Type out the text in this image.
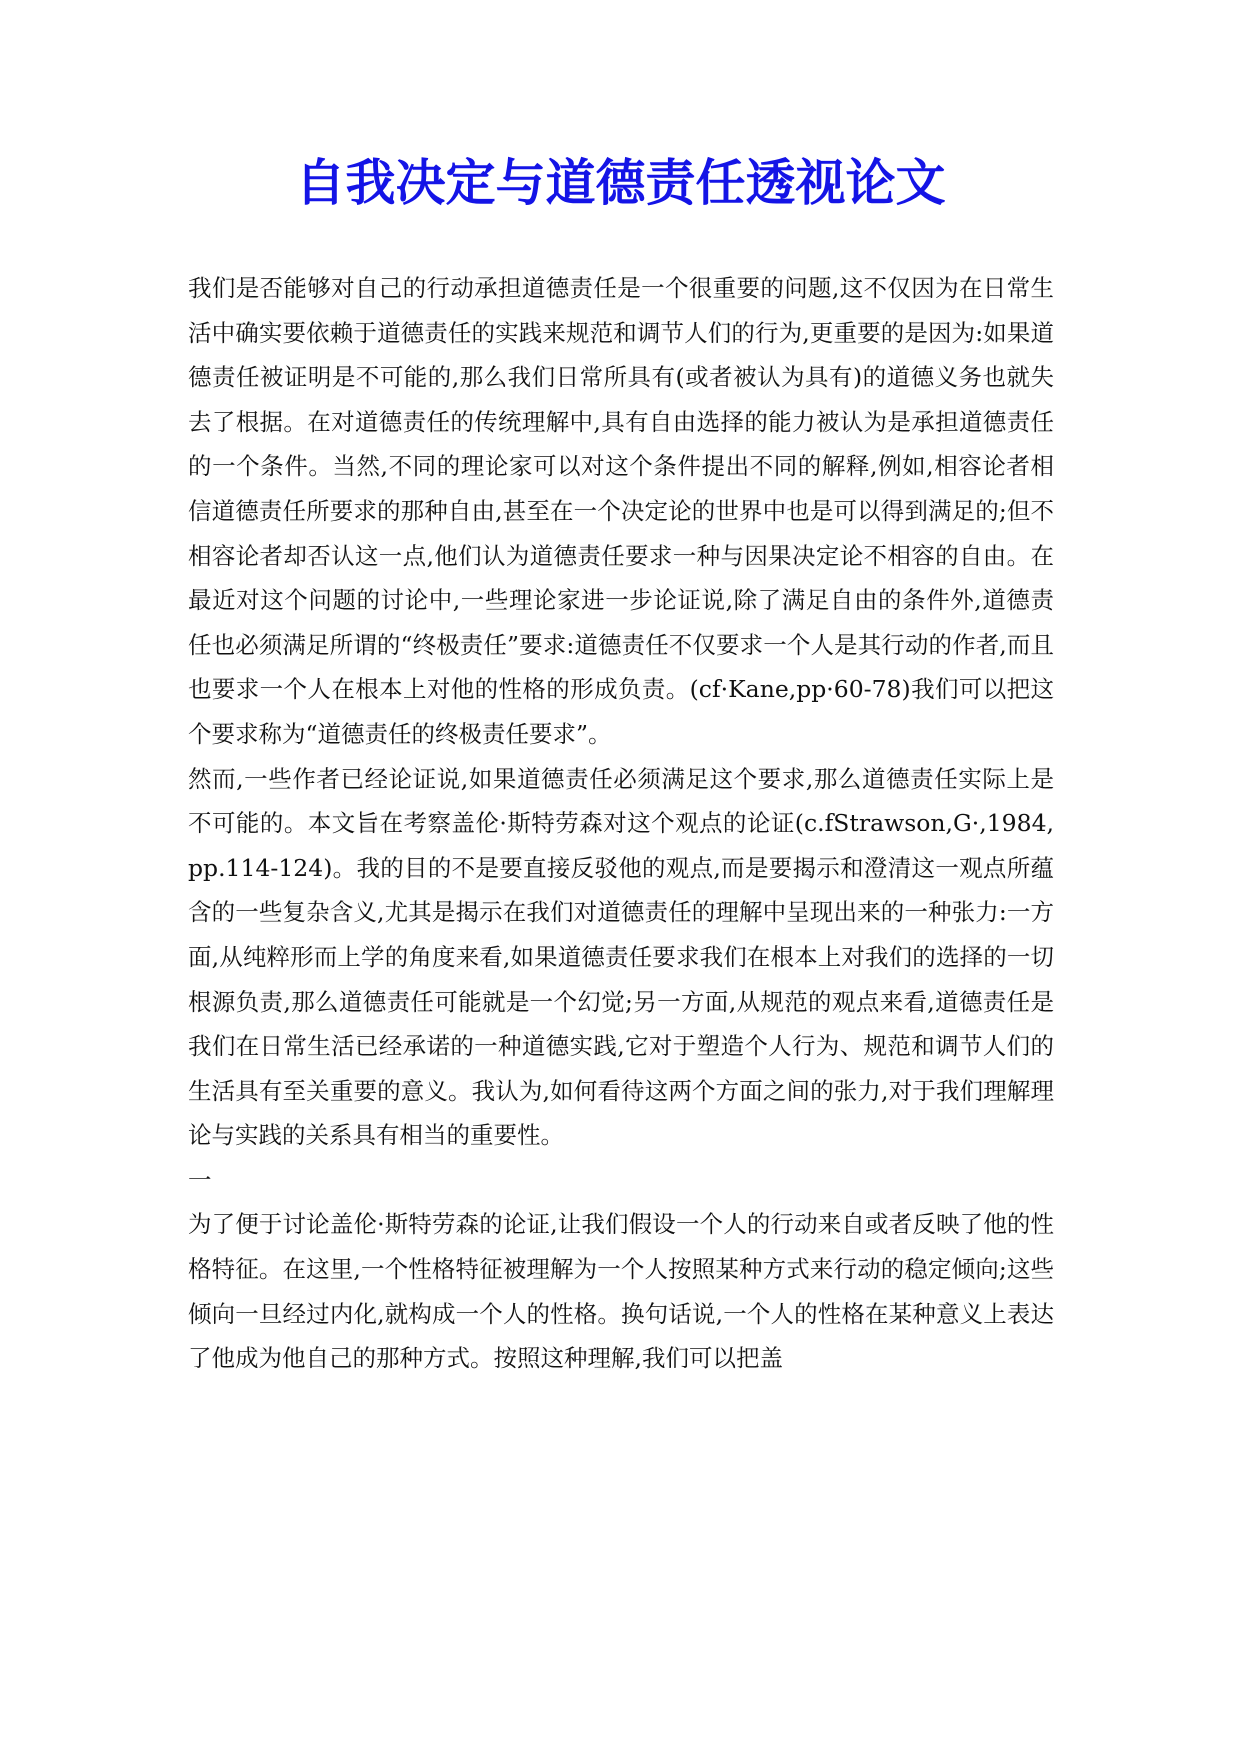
自我决定与道德责任透视论文

我们是否能够对自己的行动承担道德责任是一个很重要的问题,这不仅因为在日常生活中确实要依赖于道德责任的实践来规范和调节人们的行为,更重要的是因为:如果道德责任被证明是不可能的,那么我们日常所具有(或者被认为具有)的道德义务也就失去了根据。在对道德责任的传统理解中,具有自由选择的能力被认为是承担道德责任的一个条件。当然,不同的理论家可以对这个条件提出不同的解释,例如,相容论者相信道德责任所要求的那种自由,甚至在一个决定论的世界中也是可以得到满足的;但不相容论者却否认这一点,他们认为道德责任要求一种与因果决定论不相容的自由。在最近对这个问题的讨论中,一些理论家进一步论证说,除了满足自由的条件外,道德责任也必须满足所谓的“终极责任”要求:道德责任不仅要求一个人是其行动的作者,而且也要求一个人在根本上对他的性格的形成负责。(cf·Kane,pp·60-78)我们可以把这个要求称为“道德责任的终极责任要求”。

然而,一些作者已经论证说,如果道德责任必须满足这个要求,那么道德责任实际上是不可能的。本文旨在考察盖伦·斯特劳森对这个观点的论证(c.fStrawson,G·,1984,pp.114-124)。我的目的不是要直接反驳他的观点,而是要揭示和澄清这一观点所蕴含的一些复杂含义,尤其是揭示在我们对道德责任的理解中呈现出来的一种张力:一方面,从纯粹形而上学的角度来看,如果道德责任要求我们在根本上对我们的选择的一切根源负责,那么道德责任可能就是一个幻觉;另一方面,从规范的观点来看,道德责任是我们在日常生活已经承诺的一种道德实践,它对于塑造个人行为、规范和调节人们的生活具有至关重要的意义。我认为,如何看待这两个方面之间的张力,对于我们理解理论与实践的关系具有相当的重要性。

一

为了便于讨论盖伦·斯特劳森的论证,让我们假设一个人的行动来自或者反映了他的性格特征。在这里,一个性格特征被理解为一个人按照某种方式来行动的稳定倾向;这些倾向一旦经过内化,就构成一个人的性格。换句话说,一个人的性格在某种意义上表达了他成为他自己的那种方式。按照这种理解,我们可以把盖
